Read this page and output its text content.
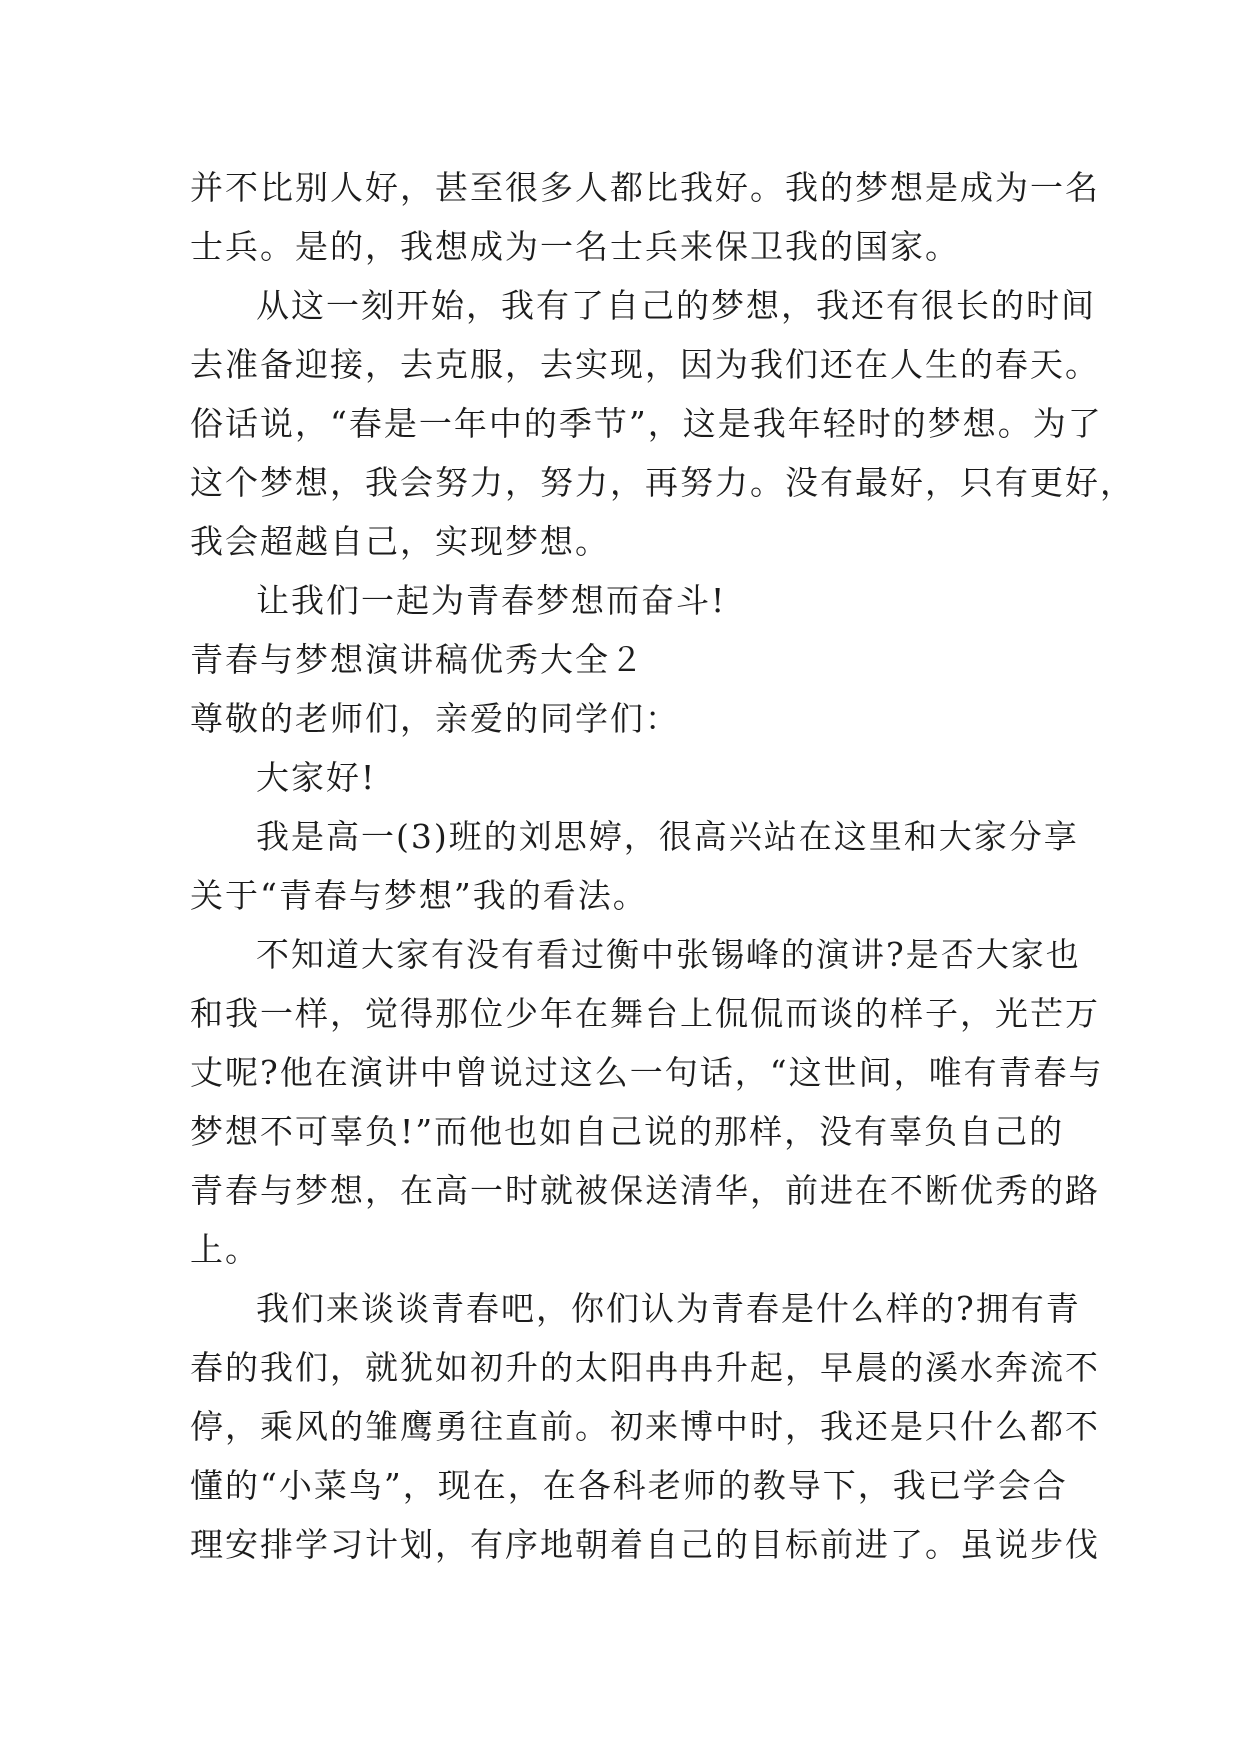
并不比别人好，甚至很多人都比我好。我的梦想是成为一名
士兵。是的，我想成为一名士兵来保卫我的国家。

从这一刻开始，我有了自己的梦想，我还有很长的时间
去准备迎接，去克服，去实现，因为我们还在人生的春天。
俗话说，“春是一年中的季节”，这是我年轻时的梦想。为了
这个梦想，我会努力，努力，再努力。没有最好，只有更好，
我会超越自己，实现梦想。

让我们一起为青春梦想而奋斗!

青春与梦想演讲稿优秀大全２

尊敬的老师们，亲爱的同学们：

大家好!

我是高一(3)班的刘思婷，很高兴站在这里和大家分享
关于“青春与梦想”我的看法。

不知道大家有没有看过衡中张锡峰的演讲?是否大家也
和我一样，觉得那位少年在舞台上侃侃而谈的样子，光芒万
丈呢?他在演讲中曾说过这么一句话，“这世间，唯有青春与
梦想不可辜负!”而他也如自己说的那样，没有辜负自己的
青春与梦想，在高一时就被保送清华，前进在不断优秀的路
上。

我们来谈谈青春吧，你们认为青春是什么样的?拥有青
春的我们，就犹如初升的太阳冉冉升起，早晨的溪水奔流不
停，乘风的雏鹰勇往直前。初来博中时，我还是只什么都不
懂的“小菜鸟”，现在，在各科老师的教导下，我已学会合
理安排学习计划，有序地朝着自己的目标前进了。虽说步伐
